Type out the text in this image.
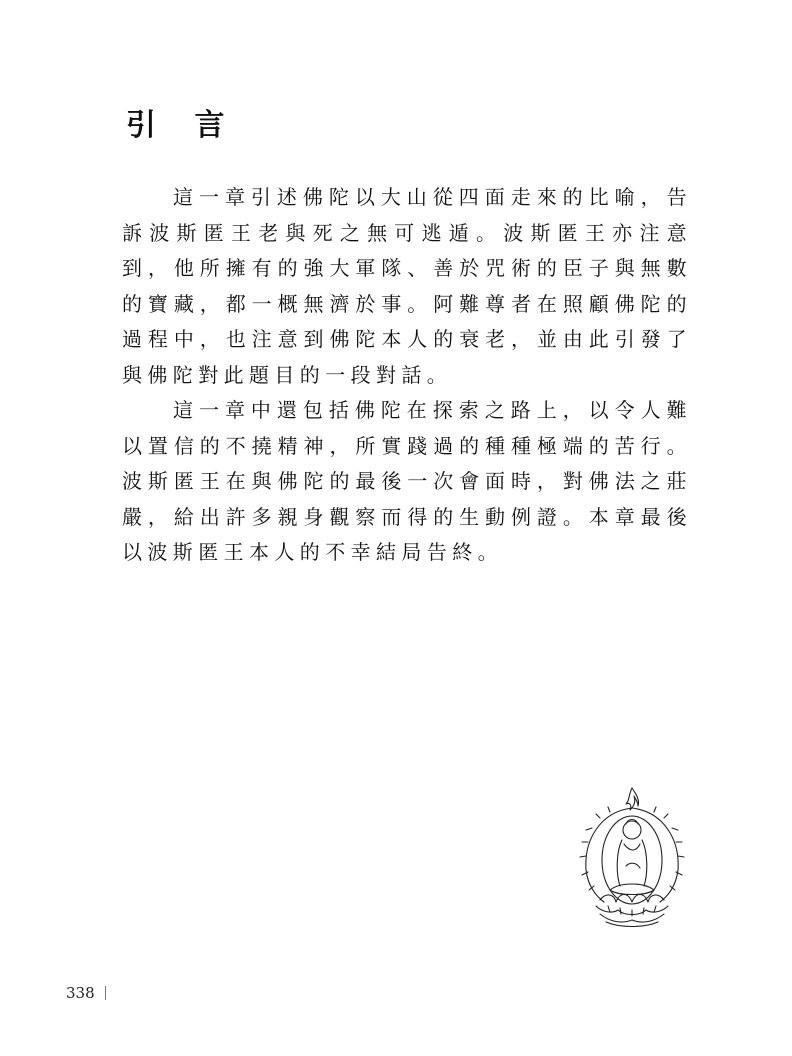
引 言

這一章引述佛陀以大山從四面走來的比喻，告訴波斯匿王老與死之無可逃遁。波斯匿王亦注意到，他所擁有的強大軍隊、善於咒術的臣子與無數的寶藏，都一概無濟於事。阿難尊者在照顧佛陀的過程中，也注意到佛陀本人的衰老，並由此引發了與佛陀對此題目的一段對話。

這一章中還包括佛陀在探索之路上，以令人難以置信的不撓精神，所實踐過的種種極端的苦行。波斯匿王在與佛陀的最後一次會面時，對佛法之莊嚴，給出許多親身觀察而得的生動例證。本章最後以波斯匿王本人的不幸結局告終。

338
